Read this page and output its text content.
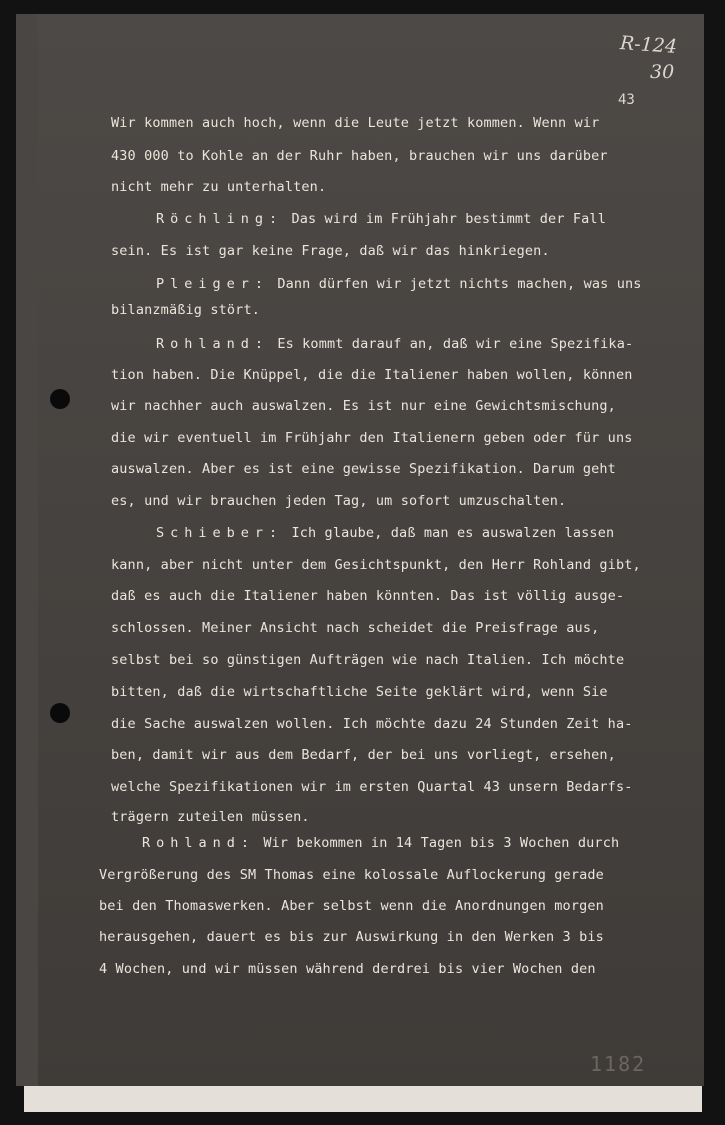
R-124
30
43
Wir kommen auch hoch, wenn die Leute jetzt kommen. Wenn wir
430 000 to Kohle an der Ruhr haben, brauchen wir uns darüber
nicht mehr zu unterhalten.
Röchling: Das wird im Frühjahr bestimmt der Fall
sein. Es ist gar keine Frage, daß wir das hinkriegen.
Pleiger: Dann dürfen wir jetzt nichts machen, was uns
bilanzmäßig stört.
Rohland: Es kommt darauf an, daß wir eine Spezifika-
tion haben. Die Knüppel, die die Italiener haben wollen, können
wir nachher auch auswalzen. Es ist nur eine Gewichtsmischung,
die wir eventuell im Frühjahr den Italienern geben oder für uns
auswalzen. Aber es ist eine gewisse Spezifikation. Darum geht
es, und wir brauchen jeden Tag, um sofort umzuschalten.
Schieber: Ich glaube, daß man es auswalzen lassen
kann, aber nicht unter dem Gesichtspunkt, den Herr Rohland gibt,
daß es auch die Italiener haben könnten. Das ist völlig ausge-
schlossen. Meiner Ansicht nach scheidet die Preisfrage aus,
selbst bei so günstigen Aufträgen wie nach Italien. Ich möchte
bitten, daß die wirtschaftliche Seite geklärt wird, wenn Sie
die Sache auswalzen wollen. Ich möchte dazu 24 Stunden Zeit ha-
ben, damit wir aus dem Bedarf, der bei uns vorliegt, ersehen,
welche Spezifikationen wir im ersten Quartal 43 unsern Bedarfs-
trägern zuteilen müssen.
Rohland: Wir bekommen in 14 Tagen bis 3 Wochen durch
Vergrößerung des SM Thomas eine kolossale Auflockerung gerade
bei den Thomaswerken. Aber selbst wenn die Anordnungen morgen
herausgehen, dauert es bis zur Auswirkung in den Werken 3 bis
4 Wochen, und wir müssen während derdrei bis vier Wochen den
1182
